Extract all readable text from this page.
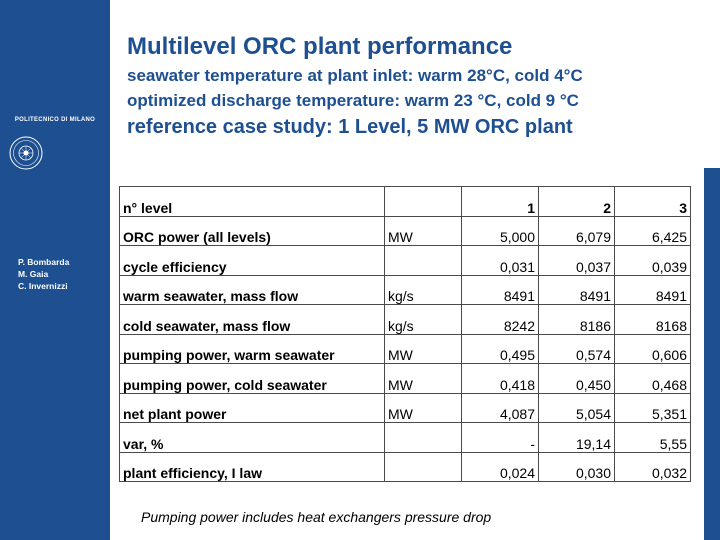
POLITECNICO DI MILANO
P. Bombarda
M. Gaia
C. Invernizzi
Multilevel ORC plant performance
seawater temperature at plant inlet: warm 28°C, cold 4°C
optimized discharge temperature: warm 23 °C, cold 9 °C
reference case study: 1 Level, 5 MW ORC plant
n° level		1	2	3
ORC power (all levels)	MW	5,000	6,079	6,425
cycle efficiency		0,031	0,037	0,039
warm seawater, mass flow	kg/s	8491	8491	8491
cold seawater, mass flow	kg/s	8242	8186	8168
pumping power, warm seawater	MW	0,495	0,574	0,606
pumping power, cold seawater	MW	0,418	0,450	0,468
net plant power	MW	4,087	5,054	5,351
var, %		-	19,14	5,55
plant efficiency, I law		0,024	0,030	0,032
Pumping power includes heat exchangers pressure drop
